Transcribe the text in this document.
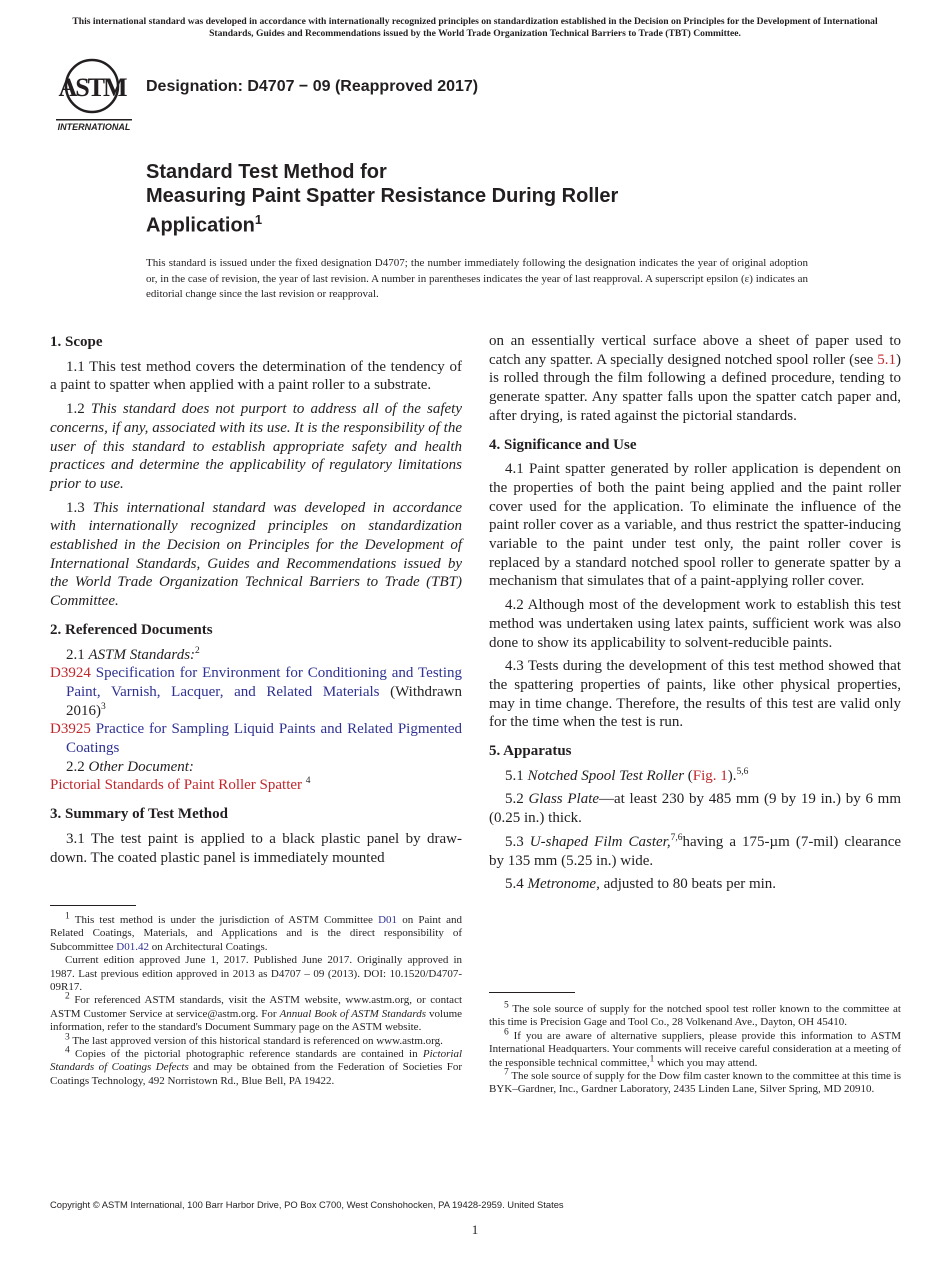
This international standard was developed in accordance with internationally recognized principles on standardization established in the Decision on Principles for the Development of International Standards, Guides and Recommendations issued by the World Trade Organization Technical Barriers to Trade (TBT) Committee.
ASTM
INTERNATIONAL
Designation: D4707 − 09 (Reapproved 2017)
Standard Test Method for
Measuring Paint Spatter Resistance During Roller
Application$^1$
This standard is issued under the fixed designation D4707; the number immediately following the designation indicates the year of original adoption or, in the case of revision, the year of last revision. A number in parentheses indicates the year of last reapproval. A superscript epsilon (ε) indicates an editorial change since the last revision or reapproval.
1. Scope

1.1 This test method covers the determination of the tendency of a paint to spatter when applied with a paint roller to a substrate.

1.2 This standard does not purport to address all of the safety concerns, if any, associated with its use. It is the responsibility of the user of this standard to establish appropriate safety and health practices and determine the applicability of regulatory limitations prior to use.

1.3 This international standard was developed in accordance with internationally recognized principles on standardization established in the Decision on Principles for the Development of International Standards, Guides and Recommendations issued by the World Trade Organization Technical Barriers to Trade (TBT) Committee.

2. Referenced Documents

2.1 ASTM Standards:$^2$

D3924 Specification for Environment for Conditioning and Testing Paint, Varnish, Lacquer, and Related Materials (Withdrawn 2016)$^3$
D3925 Practice for Sampling Liquid Paints and Related Pigmented Coatings

2.2 Other Document:

Pictorial Standards of Paint Roller Spatter $^4$
3. Summary of Test Method

3.1 The test paint is applied to a black plastic panel by draw-down. The coated plastic panel is immediately mounted

1 This test method is under the jurisdiction of ASTM Committee D01 on Paint and Related Coatings, Materials, and Applications and is the direct responsibility of Subcommittee D01.42 on Architectural Coatings.

Current edition approved June 1, 2017. Published June 2017. Originally approved in 1987. Last previous edition approved in 2013 as D4707 – 09 (2013). DOI: 10.1520/D4707-09R17.

2 For referenced ASTM standards, visit the ASTM website, www.astm.org, or contact ASTM Customer Service at service@astm.org. For Annual Book of ASTM Standards volume information, refer to the standard's Document Summary page on the ASTM website.

3 The last approved version of this historical standard is referenced on www.astm.org.

4 Copies of the pictorial photographic reference standards are contained in Pictorial Standards of Coatings Defects and may be obtained from the Federation of Societies For Coatings Technology, 492 Norristown Rd., Blue Bell, PA 19422.

on an essentially vertical surface above a sheet of paper used to catch any spatter. A specially designed notched spool roller (see 5.1) is rolled through the film following a defined procedure, tending to generate spatter. Any spatter falls upon the spatter catch paper and, after drying, is rated against the pictorial standards.

4. Significance and Use

4.1 Paint spatter generated by roller application is dependent on the properties of both the paint being applied and the paint roller cover used for the application. To eliminate the influence of the paint roller cover as a variable, and thus restrict the spatter-inducing variable to the paint under test only, the paint roller cover is replaced by a standard notched spool roller to generate spatter by a mechanism that simulates that of a paint-applying roller cover.

4.2 Although most of the development work to establish this test method was undertaken using latex paints, sufficient work was also done to show its applicability to solvent-reducible paints.

4.3 Tests during the development of this test method showed that the spattering properties of paints, like other physical properties, may in time change. Therefore, the results of this test are valid only for the time when the test is run.

5. Apparatus

5.1 Notched Spool Test Roller (Fig. 1).$^{5,6}$

5.2 Glass Plate—at least 230 by 485 mm (9 by 19 in.) by 6 mm (0.25 in.) thick.

5.3 U-shaped Film Caster,$^{7,6}$having a 175-µm (7-mil) clearance by 135 mm (5.25 in.) wide.

5.4 Metronome, adjusted to 80 beats per min.

5 The sole source of supply for the notched spool test roller known to the committee at this time is Precision Gage and Tool Co., 28 Volkenand Ave., Dayton, OH 45410.

6 If you are aware of alternative suppliers, please provide this information to ASTM International Headquarters. Your comments will receive careful consideration at a meeting of the responsible technical committee,1 which you may attend.

7 The sole source of supply for the Dow film caster known to the committee at this time is BYK–Gardner, Inc., Gardner Laboratory, 2435 Linden Lane, Silver Spring, MD 20910.

Copyright © ASTM International, 100 Barr Harbor Drive, PO Box C700, West Conshohocken, PA 19428-2959. United States
1
